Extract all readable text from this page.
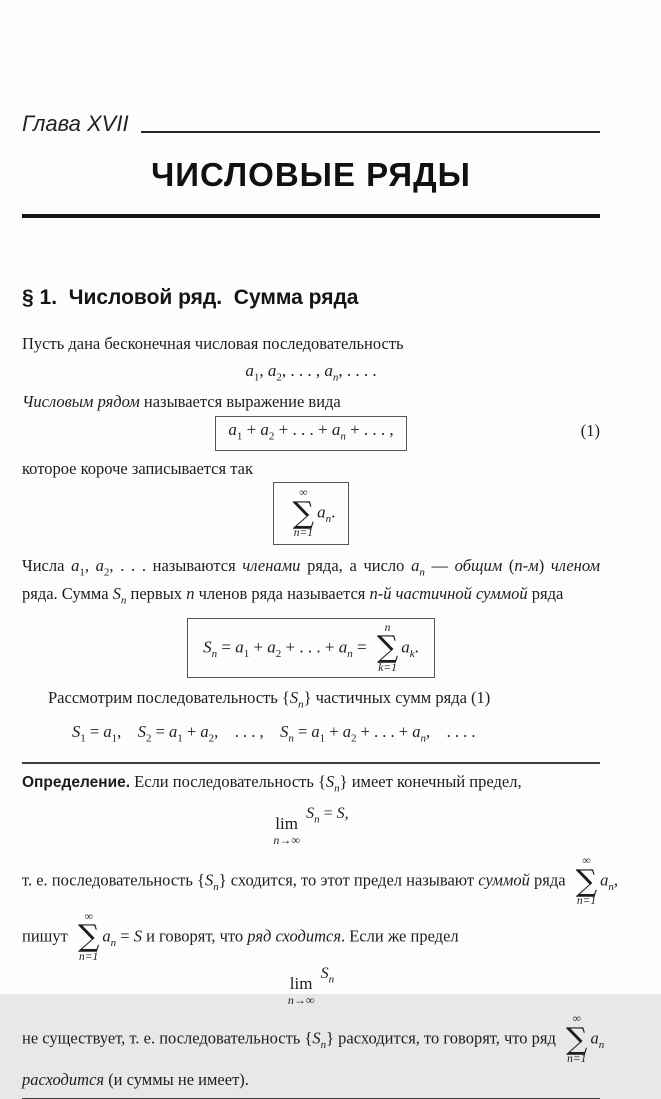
Глава XVII
ЧИСЛОВЫЕ РЯДЫ
§ 1.  Числовой ряд.  Сумма ряда

Пусть дана бесконечная числовая последовательность

$a_1$, $a_2$, . . . , $a_n$, . . . .

Числовым рядом называется выражение вида

$a_1 + a_2$ + . . . + $a_n$ + . . . ,	(1)

которое короче записывается так

∞
∑
n=1
$a_n$.

Числа $a_1$, $a_2$, . . . называются членами ряда, а число $a_n$ — общим (n-м) членом ряда. Сумма $S_n$ первых n членов ряда называется n-й частичной суммой ряда

$S_n = a_1 + a_2$ + . . . + $a_n$ =
n
∑
k=1
$a_k$.

Рассмотрим последовательность $\{S_n\}$ частичных сумм ряда (1)

$S_1 = a_1$, $S_2 = a_1 + a_2$, . . . , $S_n = a_1 + a_2$ + . . . + $a_n$, . . . .

Определение. Если последовательность $\{S_n\}$ имеет конечный предел,

lim
n→∞
 $S_n = S$,

т. е. последовательность $\{S_n\}$ сходится, то этот предел называют суммой ряда
∞
∑
n=1
$a_n$,

пишут
∞
∑
n=1
$a_n = S$ и говорят, что ряд сходится. Если же предел

lim
n→∞
 $S_n$

не существует, т. е. последовательность $\{S_n\}$ расходится, то говорят, что ряд
∞
∑
n=1
$a_n$

расходится (и суммы не имеет).
